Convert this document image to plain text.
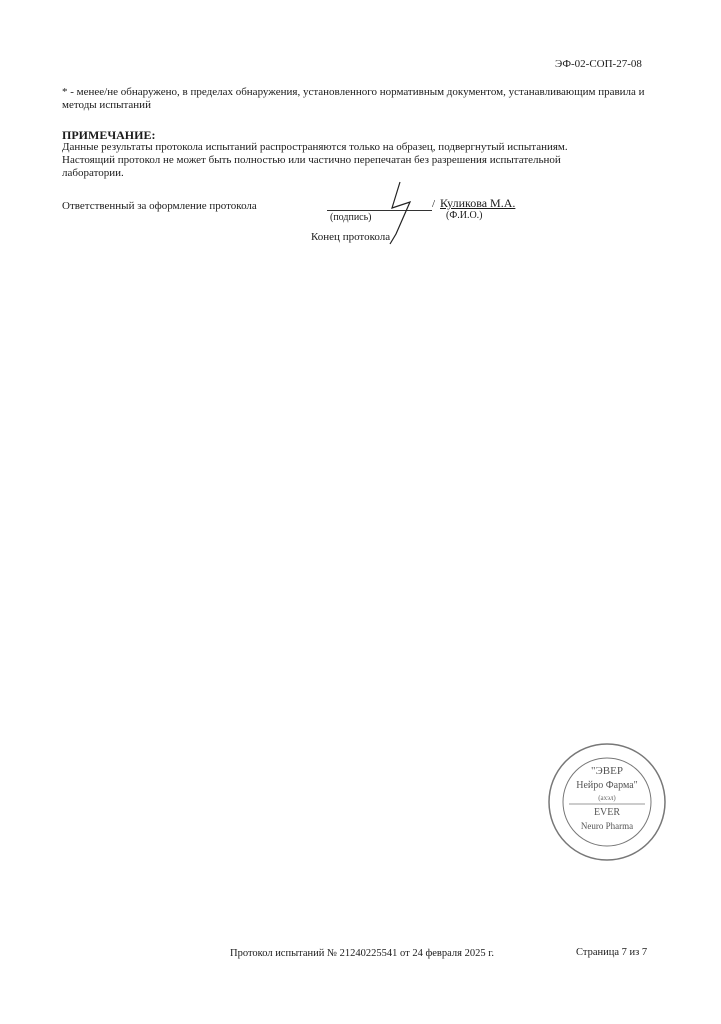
ЭФ-02-СОП-27-08
* - менее/не обнаружено, в пределах обнаружения, установленного нормативным документом, устанавливающим правила и методы испытаний
ПРИМЕЧАНИЕ:
Данные результаты протокола испытаний распространяются только на образец, подвергнутый испытаниям. Настоящий протокол не может быть полностью или частично перепечатан без разрешения испытательной лаборатории.
Ответственный за оформление протокола	/ Куликова М.А.
(подпись)	(Ф.И.О.)
Конец протокола
"ЭВЕР
Нейро Фарма"
(ахэл)
EVER
Neuro Pharma
Протокол испытаний № 21240225541 от 24 февраля 2025 г.	Страница 7 из 7
